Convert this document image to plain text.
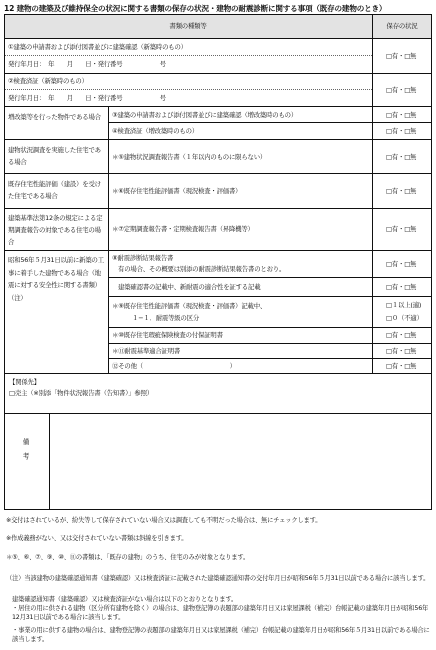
12 建物の建築及び維持保全の状況に関する書類の保存の状況・建物の耐震診断に関する事項（既存の建物のとき）
書類の種類等	保存の状況
①建築の申請書および添付図書並びに建築確認（新築時のもの）
発行年月日：　年　　月　　日・発行番号　　　　　　号
□有・□無
②検査済証（新築時のもの）
発行年月日：　年　　月　　日・発行番号　　　　　　号
□有・□無
増改築等を行った物件である場合	③建築の申請書および添付図書並びに建築確認（増改築時のもの）	□有・□無
④検査済証（増改築時のもの）	□有・□無
建物状況調査を実施した住宅である場合
＊⑤建物状況調査報告書（１年以内のものに限らない）	□有・□無
既存住宅性能評価（建設）を受けた住宅である場合
＊⑥既存住宅性能評価書（現況検査・評価書）	□有・□無
建築基準法第12条の規定による定期調査報告の対象である住宅の場合
＊⑦定期調査報告書・定期検査報告書（昇降機等）	□有・□無
昭和56年５月31日以前に新築の工事に着手した建物である場合（地震に対する安全性に関する書類）（注）
⑧耐震診断結果報告書
有の場合、その概要は別添の耐震診断結果報告書のとおり。
□有・□無
建築確認書の記載中、新耐震の適合性を証する記載	□有・□無
＊⑨既存住宅性能評価書（現況検査・評価書）記載中、
１−１．耐震等級の区分
□１以上(適)
□０（不適）
＊⑩既存住宅瑕疵保険検査の付保証明書	□有・□無
＊⑪耐震基準適合証明書	□有・□無
⑫その他（　　　　　　　　　　　　　　）	□有・□無
【関係先】
□売主（※別添「物件状況報告書（告知書）」参照）
備考
※交付はされているが、紛失等して保存されていない場合又は調査しても不明だった場合は、無にチェックします。
※作成義務がない、又は交付されていない書類は斜線を引きます。
＊⑤、⑥、⑦、⑨、⑩、⑪の書類は、「既存の建物」のうち、住宅のみが対象となります。
（注）当該建物の建築確認通知書（建築確認）又は検査済証に記載された建築確認通知書の交付年月日が昭和56年５月31日以前である場合に該当します。
建築確認通知書（建築確認）又は検査済証がない場合は以下のとおりとなります。
・居住の用に供される建物（区分所有建物を除く）の場合は、建物登記簿の表題部の建築年月日又は家屋課税（補完）台帳記載の建築年月日が昭和56年12月31日以前である場合に該当します。
・事業の用に供する建物の場合は、建物登記簿の表題部の建築年月日又は家屋課税（補完）台帳記載の建築年月日が昭和56年５月31日以前である場合に該当します。
